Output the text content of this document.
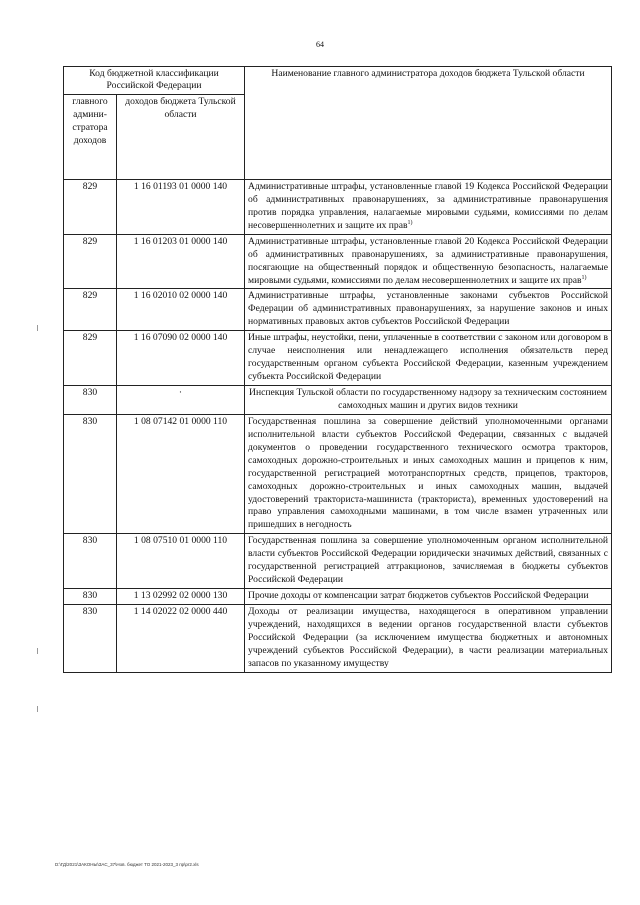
64
Код бюджетной классификации Российской Федерации		Наименование главного администратора доходов бюджета Тульской области
главного админи-стратора доходов	доходов бюджета Тульской области	
829	1 16 01193 01 0000 140	Административные штрафы, установленные главой 19 Кодекса Российской Федерации об административных правонарушениях, за административные правонарушения против порядка управления, налагаемые мировыми судьями, комиссиями по делам несовершеннолетних и защите их прав$^{1)}$
829	1 16 01203 01 0000 140	Административные штрафы, установленные главой 20 Кодекса Российской Федерации об административных правонарушениях, за административные правонарушения, посягающие на общественный порядок и общественную безопасность, налагаемые мировыми судьями, комиссиями по делам несовершеннолетних и защите их прав$^{1)}$
829	1 16 02010 02 0000 140	Административные штрафы, установленные законами субъектов Российской Федерации об административных правонарушениях, за нарушение законов и иных нормативных правовых актов субъектов Российской Федерации
829	1 16 07090 02 0000 140	Иные штрафы, неустойки, пени, уплаченные в соответствии с законом или договором в случае неисполнения или ненадлежащего исполнения обязательств перед государственным органом субъекта Российской Федерации, казенным учреждением субъекта Российской Федерации
830	·	Инспекция Тульской области по государственному надзору за техническим состоянием самоходных машин и других видов техники
830	1 08 07142 01 0000 110	Государственная пошлина за совершение действий уполномоченными органами исполнительной власти субъектов Российской Федерации, связанных с выдачей документов о проведении государственного технического осмотра тракторов, самоходных дорожно-строительных и иных самоходных машин и прицепов к ним, государственной регистрацией мототранспортных средств, прицепов, тракторов, самоходных дорожно-строительных и иных самоходных машин, выдачей удостоверений тракториста-машиниста (тракториста), временных удостоверений на право управления самоходными машинами, в том числе взамен утраченных или пришедших в негодность
830	1 08 07510 01 0000 110	Государственная пошлина за совершение уполномоченным органом исполнительной власти субъектов Российской Федерации юридически значимых действий, связанных с государственной регистрацией аттракционов, зачисляемая в бюджеты субъектов Российской Федерации
830	1 13 02992 02 0000 130	Прочие доходы от компенсации затрат бюджетов субъектов Российской Федерации
830	1 14 02022 02 0000 440	Доходы от реализации имущества, находящегося в оперативном управлении учреждений, находящихся в ведении органов государственной власти субъектов Российской Федерации (за исключением имущества бюджетных и автономных учреждений субъектов Российской Федерации), в части реализации материальных запасов по указанному имуществу
D:\ГД\2021\ЗАКОНЫ\ЗАС_37\Нов. бюджет ТО 2021-2023_3 пр\pr2.xls
